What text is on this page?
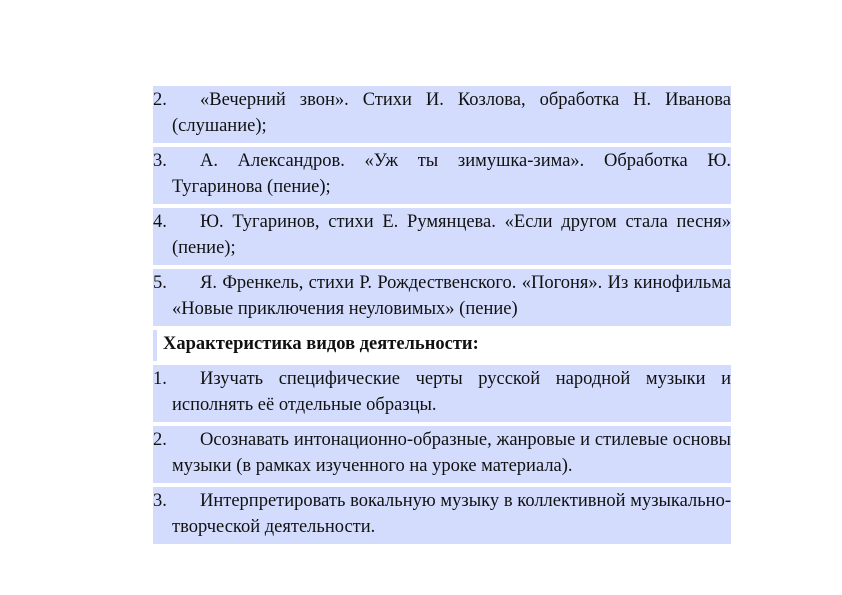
2. «Вечерний звон». Стихи И. Козлова, обработка Н. Иванова (слушание);
3. А. Александров. «Уж ты зимушка-зима». Обработка Ю. Тугаринова (пение);
4. Ю. Тугаринов, стихи Е. Румянцева. «Если другом стала песня» (пение);
5. Я. Френкель, стихи Р. Рождественского. «Погоня». Из кинофильма «Новые приключения неуловимых» (пение)
Характеристика видов деятельности:
1. Изучать специфические черты русской народной музыки и исполнять её отдельные образцы.
2. Осознавать интонационно-образные, жанровые и стилевые основы музыки (в рамках изученного на уроке материала).
3. Интерпретировать вокальную музыку в коллективной музыкально-творческой деятельности.
